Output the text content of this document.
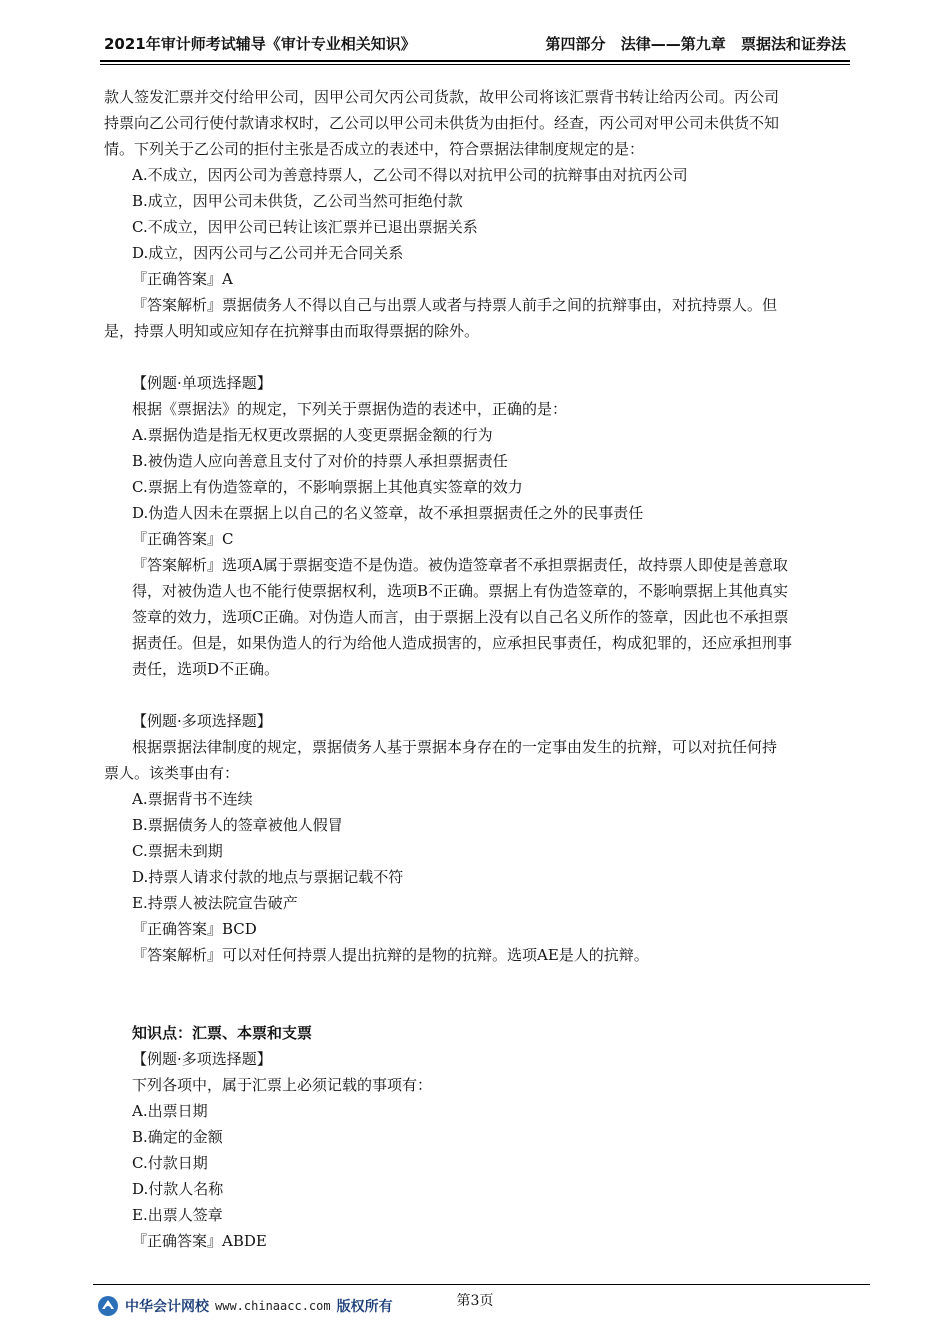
2021年审计师考试辅导《审计专业相关知识》	第四部分 法律——第九章 票据法和证券法
款人签发汇票并交付给甲公司，因甲公司欠丙公司货款，故甲公司将该汇票背书转让给丙公司。丙公司
持票向乙公司行使付款请求权时，乙公司以甲公司未供货为由拒付。经查，丙公司对甲公司未供货不知
情。下列关于乙公司的拒付主张是否成立的表述中，符合票据法律制度规定的是：
A.不成立，因丙公司为善意持票人，乙公司不得以对抗甲公司的抗辩事由对抗丙公司
B.成立，因甲公司未供货，乙公司当然可拒绝付款
C.不成立，因甲公司已转让该汇票并已退出票据关系
D.成立，因丙公司与乙公司并无合同关系
『正确答案』A
『答案解析』票据债务人不得以自己与出票人或者与持票人前手之间的抗辩事由，对抗持票人。但
是，持票人明知或应知存在抗辩事由而取得票据的除外。
【例题·单项选择题】
根据《票据法》的规定，下列关于票据伪造的表述中，正确的是：
A.票据伪造是指无权更改票据的人变更票据金额的行为
B.被伪造人应向善意且支付了对价的持票人承担票据责任
C.票据上有伪造签章的，不影响票据上其他真实签章的效力
D.伪造人因未在票据上以自己的名义签章，故不承担票据责任之外的民事责任
『正确答案』C
『答案解析』选项A属于票据变造不是伪造。被伪造签章者不承担票据责任，故持票人即使是善意取
得，对被伪造人也不能行使票据权利，选项B不正确。票据上有伪造签章的，不影响票据上其他真实
签章的效力，选项C正确。对伪造人而言，由于票据上没有以自己名义所作的签章，因此也不承担票
据责任。但是，如果伪造人的行为给他人造成损害的，应承担民事责任，构成犯罪的，还应承担刑事
责任，选项D不正确。
【例题·多项选择题】
根据票据法律制度的规定，票据债务人基于票据本身存在的一定事由发生的抗辩，可以对抗任何持
票人。该类事由有：
A.票据背书不连续
B.票据债务人的签章被他人假冒
C.票据未到期
D.持票人请求付款的地点与票据记载不符
E.持票人被法院宣告破产
『正确答案』BCD
『答案解析』可以对任何持票人提出抗辩的是物的抗辩。选项AE是人的抗辩。
知识点：汇票、本票和支票
【例题·多项选择题】
下列各项中，属于汇票上必须记载的事项有：
A.出票日期
B.确定的金额
C.付款日期
D.付款人名称
E.出票人签章
『正确答案』ABDE
第3页
中华会计网校 www.chinaacc.com 版权所有
